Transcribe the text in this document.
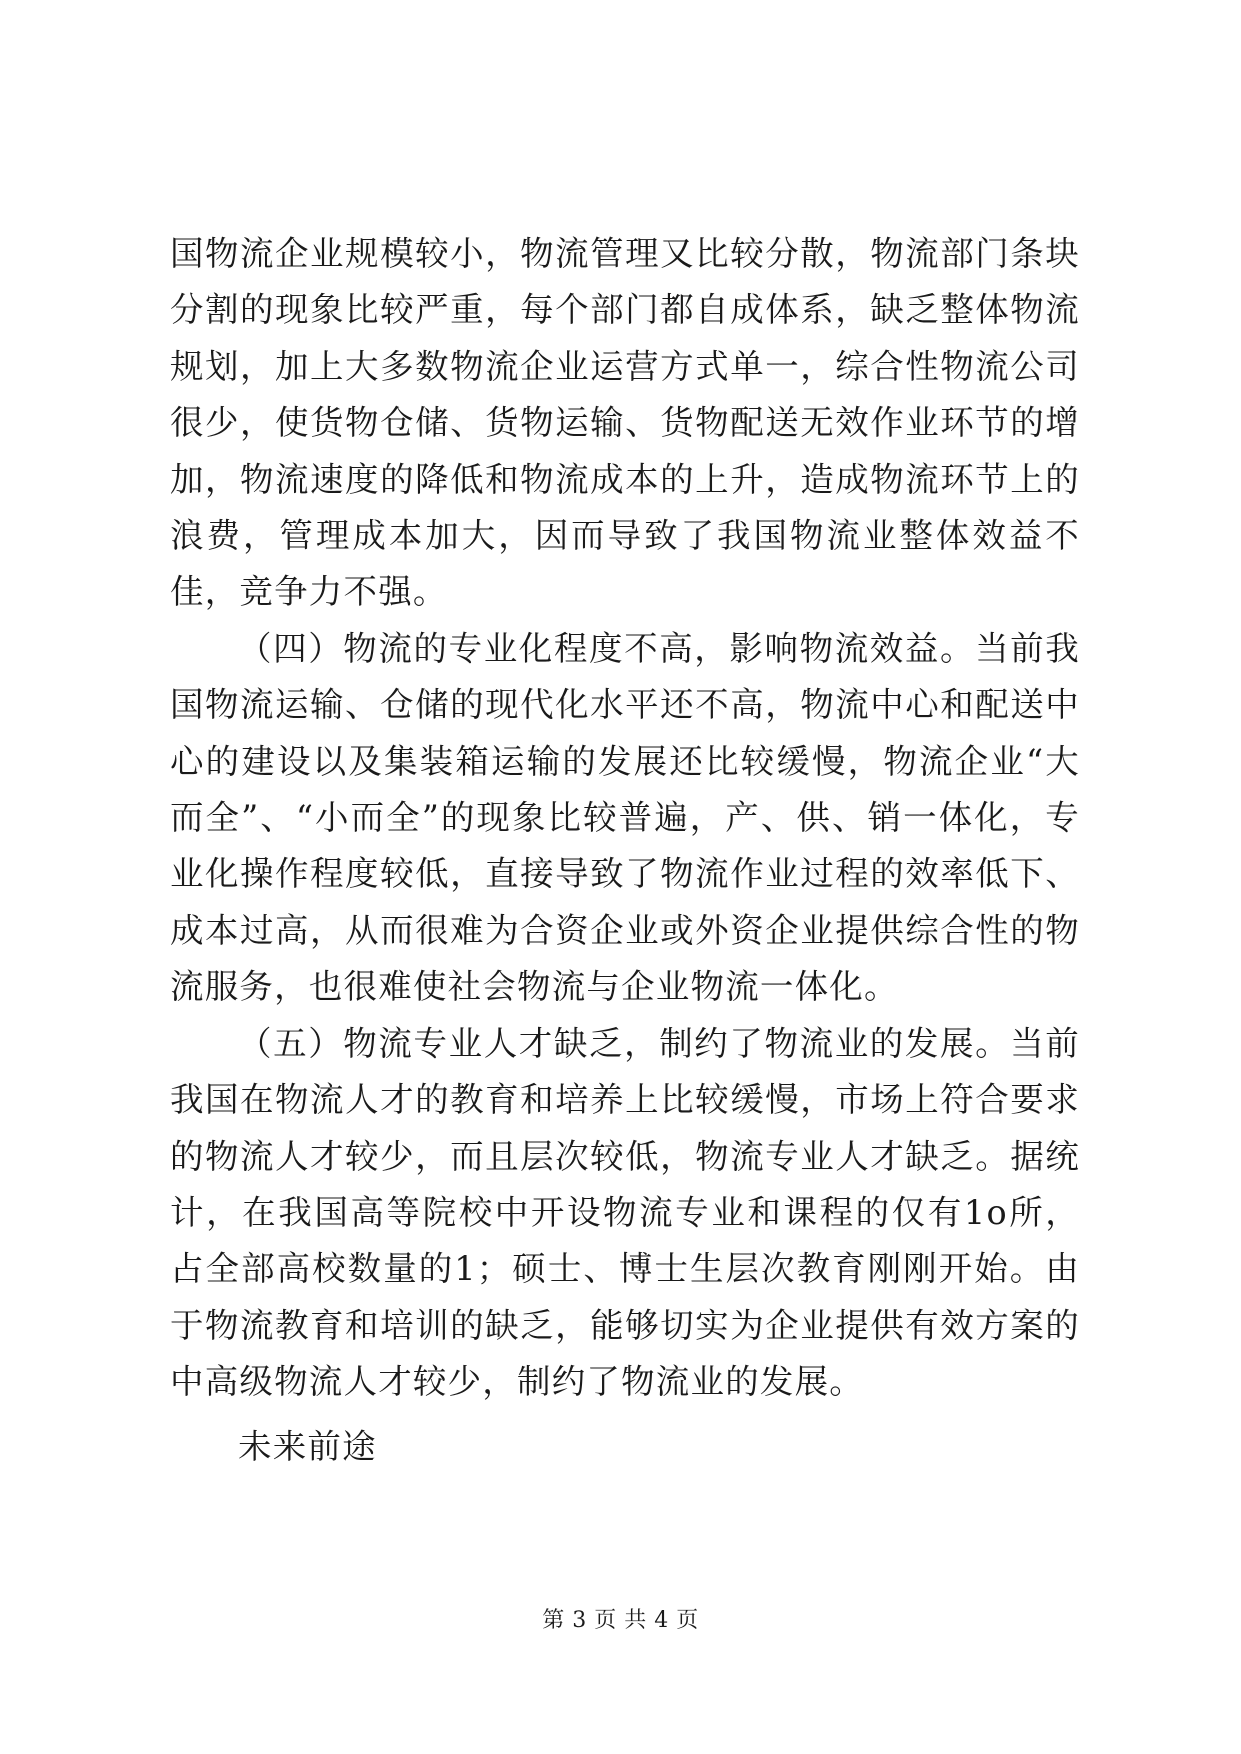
国物流企业规模较小，物流管理又比较分散，物流部门条块分割的现象比较严重，每个部门都自成体系，缺乏整体物流规划，加上大多数物流企业运营方式单一，综合性物流公司很少，使货物仓储、货物运输、货物配送无效作业环节的增加，物流速度的降低和物流成本的上升，造成物流环节上的浪费，管理成本加大，因而导致了我国物流业整体效益不佳，竞争力不强。

（四）物流的专业化程度不高，影响物流效益。当前我国物流运输、仓储的现代化水平还不高，物流中心和配送中心的建设以及集装箱运输的发展还比较缓慢，物流企业“大而全”、“小而全”的现象比较普遍，产、供、销一体化，专业化操作程度较低，直接导致了物流作业过程的效率低下、成本过高，从而很难为合资企业或外资企业提供综合性的物流服务，也很难使社会物流与企业物流一体化。

（五）物流专业人才缺乏，制约了物流业的发展。当前我国在物流人才的教育和培养上比较缓慢，市场上符合要求的物流人才较少，而且层次较低，物流专业人才缺乏。据统计，在我国高等院校中开设物流专业和课程的仅有1o所，占全部高校数量的1；硕士、博士生层次教育刚刚开始。由于物流教育和培训的缺乏，能够切实为企业提供有效方案的中高级物流人才较少，制约了物流业的发展。

未来前途

第 3 页 共 4 页
